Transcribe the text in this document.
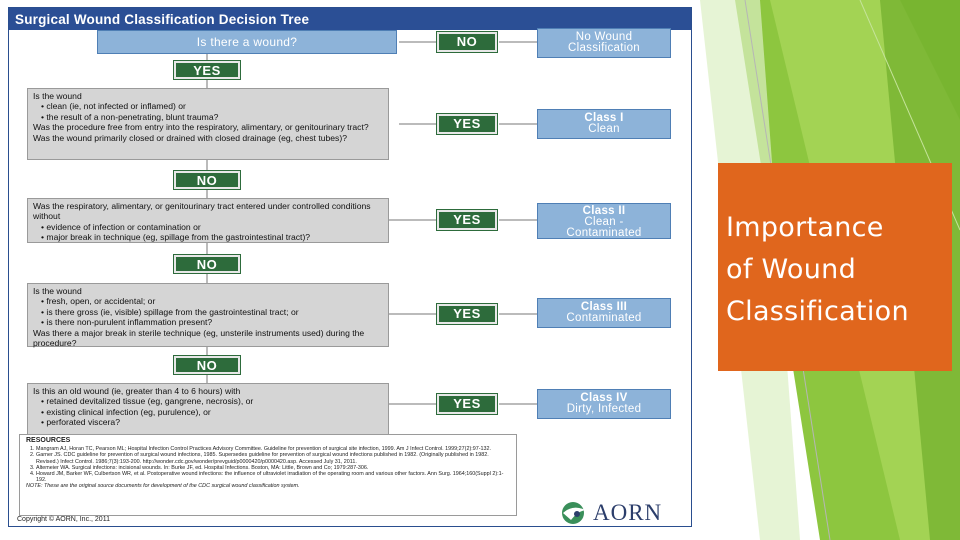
Surgical Wound Classification Decision Tree
Is there a wound?	NO	No Wound
Classification
YES
Is the wound
• clean (ie, not infected or inflamed) or
• the result of a non-penetrating, blunt trauma?
Was the procedure free from entry into the respiratory, alimentary, or genitourinary tract?
Was the wound primarily closed or drained with closed drainage (eg, chest tubes)?
YES	Class I
Clean
NO
Was the respiratory, alimentary, or genitourinary tract entered under controlled conditions without
• evidence of infection or contamination or
• major break in technique (eg, spillage from the gastrointestinal tract)?
YES
Class II
Clean -
Contaminated
NO
Is the wound
• fresh, open, or accidental; or
• is there gross (ie, visible) spillage from the gastrointestinal tract; or
• is there non-purulent inflammation present?
Was there a major break in sterile technique (eg, unsterile instruments used) during the procedure?
YES	Class III
Contaminated
NO
Is this an old wound (ie, greater than 4 to 6 hours) with
• retained devitalized tissue (eg, gangrene, necrosis), or
• existing clinical infection (eg, purulence), or
• perforated viscera?
YES	Class IV
Dirty, Infected
RESOURCES
1. Mangram AJ, Horan TC, Pearson ML; Hospital Infection Control Practices Advisory Committee. Guideline for prevention of surgical site infection, 1999. Am J Infect Control. 1999;27(2):97-132.
2. Garner JS. CDC guideline for prevention of surgical wound infections, 1985. Supersedes guideline for prevention of surgical wound infections published in 1982. (Originally published in 1982. Revised.) Infect Control. 1986;7(3):193-200. http://wonder.cdc.gov/wonder/prevguid/p0000420/p0000420.asp. Accessed July 31, 2011.
3. Altemeier WA. Surgical infections: incisional wounds. In: Burke JF, ed. Hospital Infections. Boston, MA: Little, Brown and Co; 1979:287-306.
4. Howard JM, Barker WF, Culbertson WR, et al. Postoperative wound infections: the influence of ultraviolet irradiation of the operating room and various other factors. Ann Surg. 1964;160(Suppl 2):1-192.
NOTE: These are the original source documents for development of the CDC surgical wound classification system.
Copyright © AORN, Inc., 2011	AORN
Importance
of Wound
Classification
